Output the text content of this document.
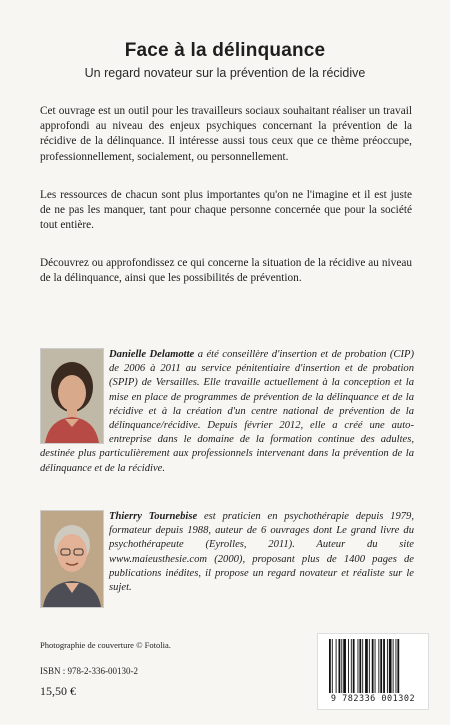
Face à la délinquance
Un regard novateur sur la prévention de la récidive

Cet ouvrage est un outil pour les travailleurs sociaux souhaitant réaliser un travail approfondi au niveau des enjeux psychiques concernant la prévention de la récidive de la délinquance. Il intéresse aussi tous ceux que ce thème préoccupe, professionnellement, socialement, ou personnellement.

Les ressources de chacun sont plus importantes qu'on ne l'imagine et il est juste de ne pas les manquer, tant pour chaque personne concernée que pour la société tout entière.

Découvrez ou approfondissez ce qui concerne la situation de la récidive au niveau de la délinquance, ainsi que les possibilités de prévention.

Danielle Delamotte a été conseillère d'insertion et de probation (CIP) de 2006 à 2011 au service pénitentiaire d'insertion et de probation (SPIP) de Versailles. Elle travaille actuellement à la conception et la mise en place de programmes de prévention de la délinquance et de la récidive et à la création d'un centre national de prévention de la délinquance/récidive. Depuis février 2012, elle a créé une auto-entreprise dans le domaine de la formation continue des adultes, destinée plus particulièrement aux professionnels intervenant dans la prévention de la délinquance et de la récidive.
Thierry Tournebise est praticien en psychothérapie depuis 1979, formateur depuis 1988, auteur de 6 ouvrages dont Le grand livre du psychothérapeute (Eyrolles, 2011). Auteur du site www.maieusthesie.com (2000), proposant plus de 1400 pages de publications inédites, il propose un regard novateur et réaliste sur le sujet.
Photographie de couverture © Fotolia.
ISBN : 978-2-336-00130-2
15,50 €
9 782336 001302
